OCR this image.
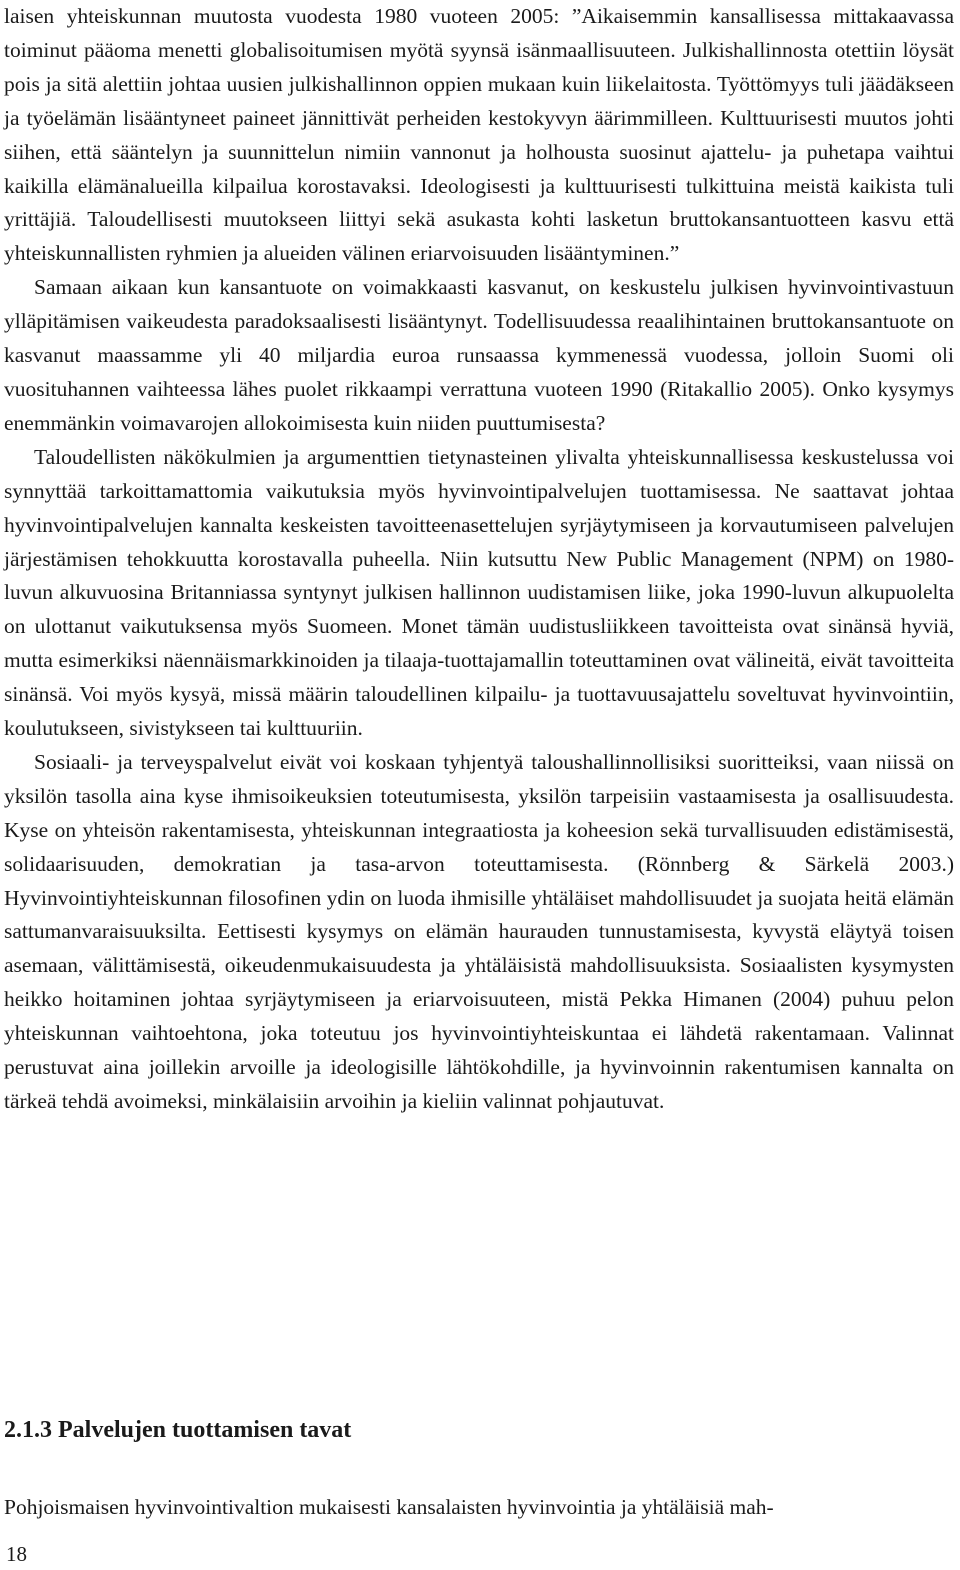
laisen yhteiskunnan muutosta vuodesta 1980 vuoteen 2005: ”Aikaisemmin kansallisessa mittakaavassa toiminut pääoma menetti globalisoitumisen myötä syynsä isänmaallisuuteen. Julkishallinnosta otettiin löysät pois ja sitä alettiin johtaa uusien julkishallinnon oppien mukaan kuin liikelaitosta. Työttömyys tuli jäädäkseen ja työelämän lisääntyneet paineet jännittivät perheiden kestokyvyn äärimmilleen. Kulttuurisesti muutos johti siihen, että sääntelyn ja suunnittelun nimiin vannonut ja holhousta suosinut ajattelu- ja puhetapa vaihtui kaikilla elämänalueilla kilpailua korostavaksi. Ideologisesti ja kulttuurisesti tulkittuina meistä kaikista tuli yrittäjiä. Taloudellisesti muutokseen liittyi sekä asukasta kohti lasketun bruttokansantuotteen kasvu että yhteiskunnallisten ryhmien ja alueiden välinen eriarvoisuuden lisääntyminen.”

Samaan aikaan kun kansantuote on voimakkaasti kasvanut, on keskustelu julkisen hyvinvointivastuun ylläpitämisen vaikeudesta paradoksaalisesti lisääntynyt. Todellisuudessa reaalihintainen bruttokansantuote on kasvanut maassamme yli 40 miljardia euroa runsaassa kymmenessä vuodessa, jolloin Suomi oli vuosituhannen vaihteessa lähes puolet rikkaampi verrattuna vuoteen 1990 (Ritakallio 2005). Onko kysymys enemmänkin voimavarojen allokoimisesta kuin niiden puuttumisesta?

Taloudellisten näkökulmien ja argumenttien tietynasteinen ylivalta yhteiskunnallisessa keskustelussa voi synnyttää tarkoittamattomia vaikutuksia myös hyvinvointipalvelujen tuottamisessa. Ne saattavat johtaa hyvinvointipalvelujen kannalta keskeisten tavoitteenasettelujen syrjäytymiseen ja korvautumiseen palvelujen järjestämisen tehokkuutta korostavalla puheella. Niin kutsuttu New Public Management (NPM) on 1980-luvun alkuvuosina Britanniassa syntynyt julkisen hallinnon uudistamisen liike, joka 1990-luvun alkupuolelta on ulottanut vaikutuksensa myös Suomeen. Monet tämän uudistusliikkeen tavoitteista ovat sinänsä hyviä, mutta esimerkiksi näennäismarkkinoiden ja tilaaja-tuottajamallin toteuttaminen ovat välineitä, eivät tavoitteita sinänsä. Voi myös kysyä, missä määrin taloudellinen kilpailu- ja tuottavuusajattelu soveltuvat hyvinvointiin, koulutukseen, sivistykseen tai kulttuuriin.

Sosiaali- ja terveyspalvelut eivät voi koskaan tyhjentyä taloushallinnollisiksi suoritteiksi, vaan niissä on yksilön tasolla aina kyse ihmisoikeuksien toteutumisesta, yksilön tarpeisiin vastaamisesta ja osallisuudesta. Kyse on yhteisön rakentamisesta, yhteiskunnan integraatiosta ja koheesion sekä turvallisuuden edistämisestä, solidaarisuuden, demokratian ja tasa-arvon toteuttamisesta. (Rönnberg & Särkelä 2003.) Hyvinvointiyhteiskunnan filosofinen ydin on luoda ihmisille yhtäläiset mahdollisuudet ja suojata heitä elämän sattumanvaraisuuksilta. Eettisesti kysymys on elämän haurauden tunnustamisesta, kyvystä eläytyä toisen asemaan, välittämisestä, oikeudenmukaisuudesta ja yhtäläisistä mahdollisuuksista. Sosiaalisten kysymysten heikko hoitaminen johtaa syrjäytymiseen ja eriarvoisuuteen, mistä Pekka Himanen (2004) puhuu pelon yhteiskunnan vaihtoehtona, joka toteutuu jos hyvinvointiyhteiskuntaa ei lähdetä rakentamaan. Valinnat perustuvat aina joillekin arvoille ja ideologisille lähtökohdille, ja hyvinvoinnin rakentumisen kannalta on tärkeä tehdä avoimeksi, minkälaisiin arvoihin ja kieliin valinnat pohjautuvat.

2.1.3 Palvelujen tuottamisen tavat

Pohjoismaisen hyvinvointivaltion mukaisesti kansalaisten hyvinvointia ja yhtäläisiä mah-

18
